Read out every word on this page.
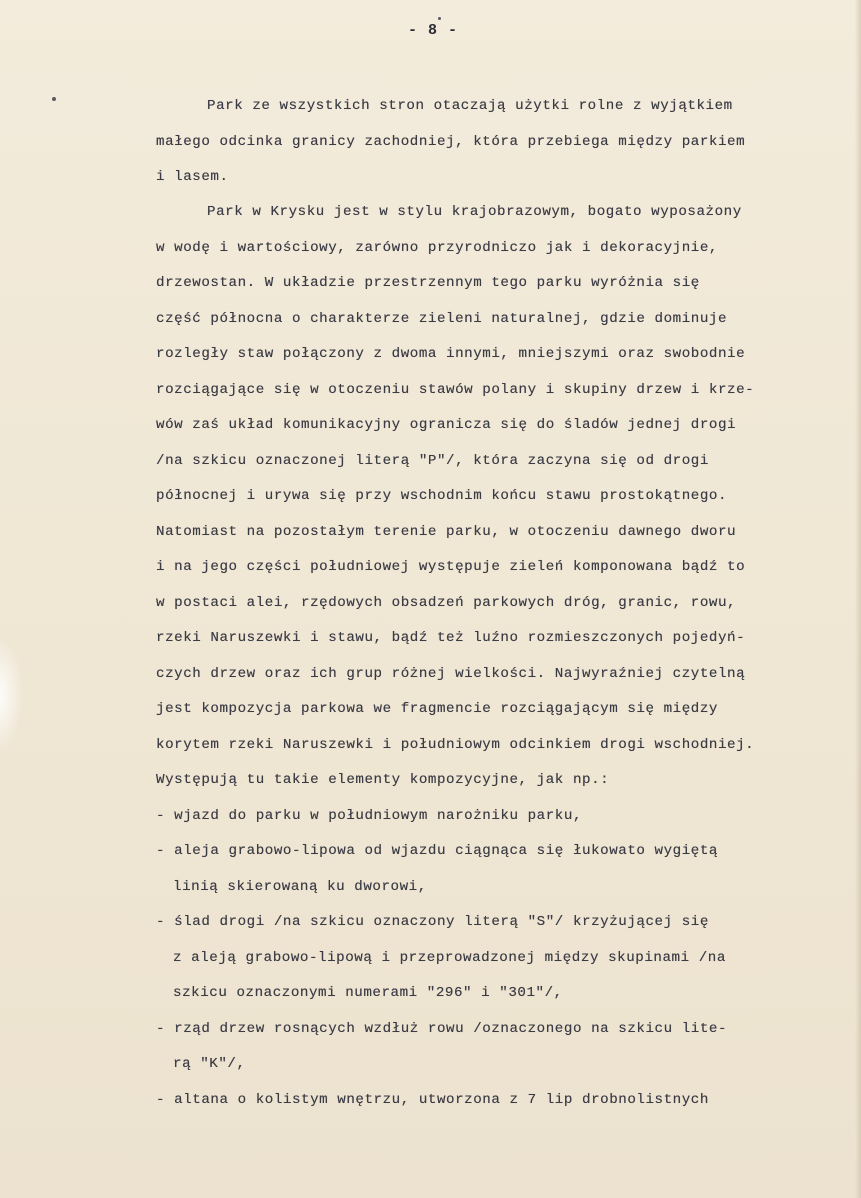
- 8 -
Park ze wszystkich stron otaczają użytki rolne z wyjątkiem
małego odcinka granicy zachodniej, która przebiega między parkiem
i lasem.
Park w Krysku jest w stylu krajobrazowym, bogato wyposażony
w wodę i wartościowy, zarówno przyrodniczo jak i dekoracyjnie,
drzewostan. W układzie przestrzennym tego parku wyróżnia się
część północna o charakterze zieleni naturalnej, gdzie dominuje
rozległy staw połączony z dwoma innymi, mniejszymi oraz swobodnie
rozciągające się w otoczeniu stawów polany i skupiny drzew i krze-
wów zaś układ komunikacyjny ogranicza się do śladów jednej drogi
/na szkicu oznaczonej literą "P"/, która zaczyna się od drogi
północnej i urywa się przy wschodnim końcu stawu prostokątnego.
Natomiast na pozostałym terenie parku, w otoczeniu dawnego dworu
i na jego części południowej występuje zieleń komponowana bądź to
w postaci alei, rzędowych obsadzeń parkowych dróg, granic, rowu,
rzeki Naruszewki i stawu, bądź też luźno rozmieszczonych pojedyń-
czych drzew oraz ich grup różnej wielkości. Najwyraźniej czytelną
jest kompozycja parkowa we fragmencie rozciągającym się między
korytem rzeki Naruszewki i południowym odcinkiem drogi wschodniej.
Występują tu takie elementy kompozycyjne, jak np.:
- wjazd do parku w południowym narożniku parku,
- aleja grabowo-lipowa od wjazdu ciągnąca się łukowato wygiętą
linią skierowaną ku dworowi,
- ślad drogi /na szkicu oznaczony literą "S"/ krzyżującej się
z aleją grabowo-lipową i przeprowadzonej między skupinami /na
szkicu oznaczonymi numerami "296" i "301"/,
- rząd drzew rosnących wzdłuż rowu /oznaczonego na szkicu lite-
rą "K"/,
- altana o kolistym wnętrzu, utworzona z 7 lip drobnolistnych
